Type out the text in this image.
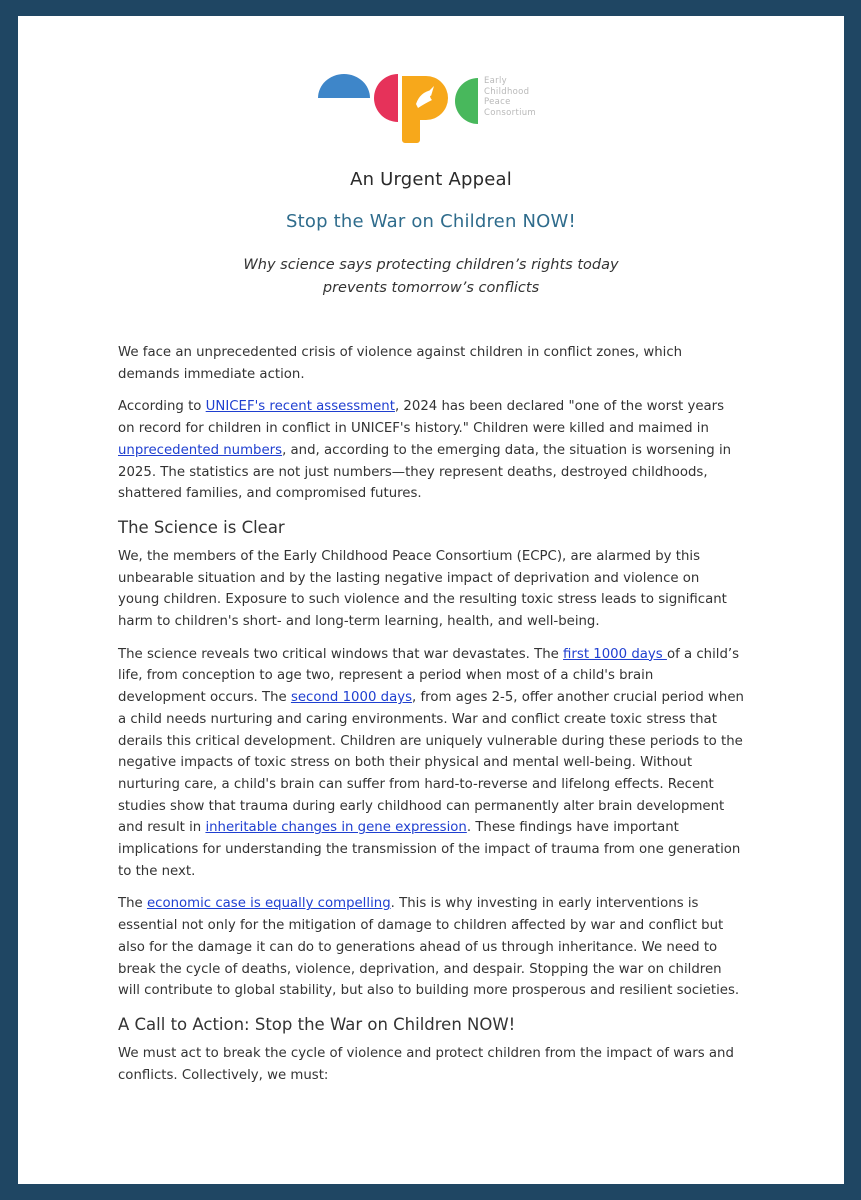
Early
Childhood
Peace
Consortium
An Urgent Appeal
Stop the War on Children NOW!
Why science says protecting children’s rights today
prevents tomorrow’s conflicts

We face an unprecedented crisis of violence against children in conflict zones, which demands immediate action.

According to UNICEF's recent assessment, 2024 has been declared "one of the worst years on record for children in conflict in UNICEF's history." Children were killed and maimed in unprecedented numbers, and, according to the emerging data, the situation is worsening in 2025. The statistics are not just numbers—they represent deaths, destroyed childhoods, shattered families, and compromised futures.

The Science is Clear

We, the members of the Early Childhood Peace Consortium (ECPC), are alarmed by this unbearable situation and by the lasting negative impact of deprivation and violence on young children. Exposure to such violence and the resulting toxic stress leads to significant harm to children's short- and long-term learning, health, and well-being.

The science reveals two critical windows that war devastates. The first 1000 days of a child’s life, from conception to age two, represent a period when most of a child's brain development occurs. The second 1000 days, from ages 2-5, offer another crucial period when a child needs nurturing and caring environments. War and conflict create toxic stress that derails this critical development. Children are uniquely vulnerable during these periods to the negative impacts of toxic stress on both their physical and mental well-being. Without nurturing care, a child's brain can suffer from hard-to-reverse and lifelong effects. Recent studies show that trauma during early childhood can permanently alter brain development and result in inheritable changes in gene expression. These findings have important implications for understanding the transmission of the impact of trauma from one generation to the next.

The economic case is equally compelling. This is why investing in early interventions is essential not only for the mitigation of damage to children affected by war and conflict but also for the damage it can do to generations ahead of us through inheritance. We need to break the cycle of deaths, violence, deprivation, and despair. Stopping the war on children will contribute to global stability, but also to building more prosperous and resilient societies.

A Call to Action: Stop the War on Children NOW!

We must act to break the cycle of violence and protect children from the impact of wars and conflicts. Collectively, we must:
